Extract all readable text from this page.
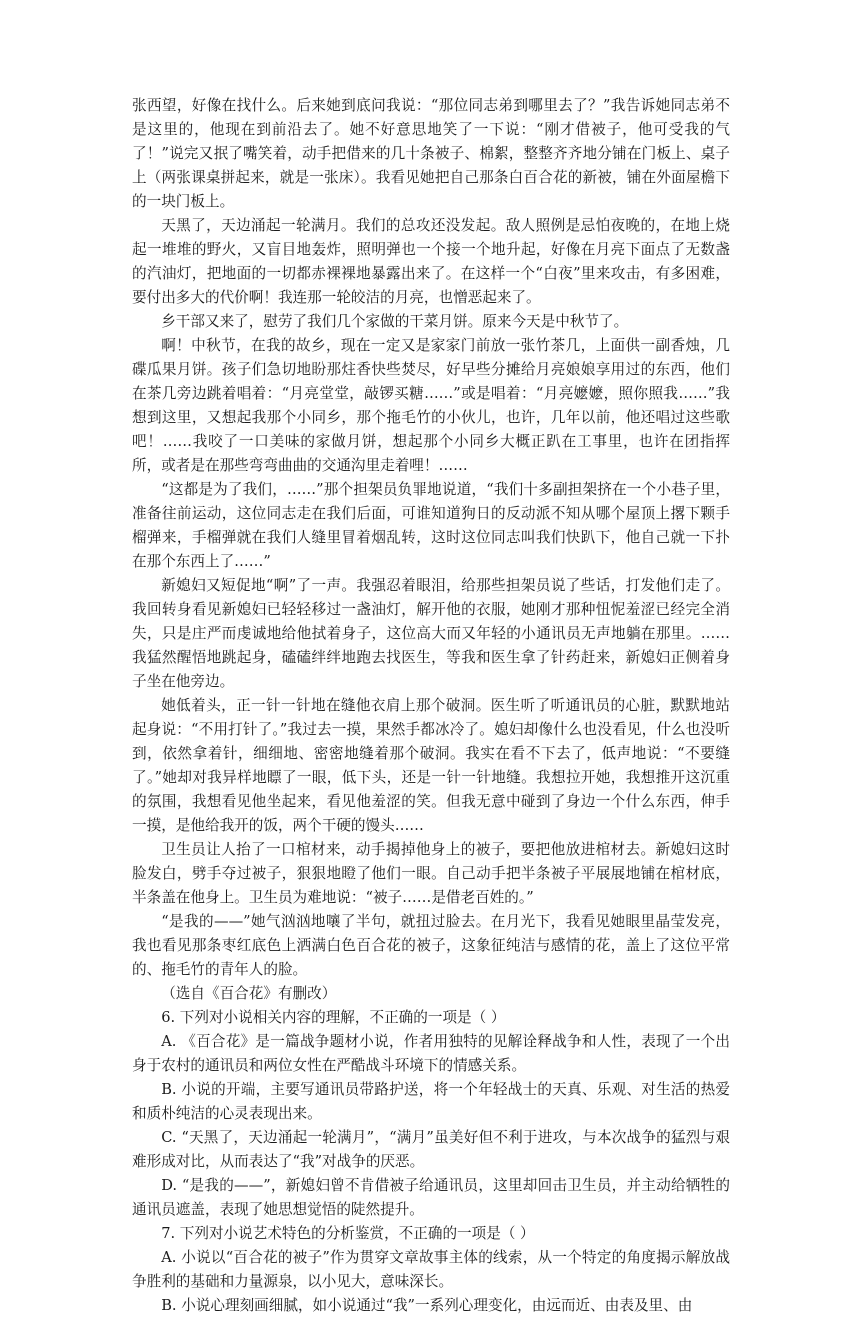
张西望，好像在找什么。后来她到底问我说：“那位同志弟到哪里去了？”我告诉她同志弟不是这里的，他现在到前沿去了。她不好意思地笑了一下说：“刚才借被子，他可受我的气了！”说完又抿了嘴笑着，动手把借来的几十条被子、棉絮，整整齐齐地分铺在门板上、桌子上（两张课桌拼起来，就是一张床）。我看见她把自己那条白百合花的新被，铺在外面屋檐下的一块门板上。

天黑了，天边涌起一轮满月。我们的总攻还没发起。敌人照例是忌怕夜晚的，在地上烧起一堆堆的野火，又盲目地轰炸，照明弹也一个接一个地升起，好像在月亮下面点了无数盏的汽油灯，把地面的一切都赤裸裸地暴露出来了。在这样一个“白夜”里来攻击，有多困难，要付出多大的代价啊！我连那一轮皎洁的月亮，也憎恶起来了。

乡干部又来了，慰劳了我们几个家做的干菜月饼。原来今天是中秋节了。

啊！中秋节，在我的故乡，现在一定又是家家门前放一张竹茶几，上面供一副香烛，几碟瓜果月饼。孩子们急切地盼那炷香快些焚尽，好早些分摊给月亮娘娘享用过的东西，他们在茶几旁边跳着唱着：“月亮堂堂，敲锣买糖……”或是唱着：“月亮嬷嬷，照你照我……”我想到这里，又想起我那个小同乡，那个拖毛竹的小伙儿，也许，几年以前，他还唱过这些歌吧！……我咬了一口美味的家做月饼，想起那个小同乡大概正趴在工事里，也许在团指挥所，或者是在那些弯弯曲曲的交通沟里走着哩！……

“这都是为了我们，……”那个担架员负罪地说道，“我们十多副担架挤在一个小巷子里，准备往前运动，这位同志走在我们后面，可谁知道狗日的反动派不知从哪个屋顶上撂下颗手榴弹来，手榴弹就在我们人缝里冒着烟乱转，这时这位同志叫我们快趴下，他自己就一下扑在那个东西上了……”

新媳妇又短促地“啊”了一声。我强忍着眼泪，给那些担架员说了些话，打发他们走了。我回转身看见新媳妇已轻轻移过一盏油灯，解开他的衣服，她刚才那种忸怩羞涩已经完全消失，只是庄严而虔诚地给他拭着身子，这位高大而又年轻的小通讯员无声地躺在那里。……我猛然醒悟地跳起身，磕磕绊绊地跑去找医生，等我和医生拿了针药赶来，新媳妇正侧着身子坐在他旁边。

她低着头，正一针一针地在缝他衣肩上那个破洞。医生听了听通讯员的心脏，默默地站起身说：“不用打针了。”我过去一摸，果然手都冰冷了。媳妇却像什么也没看见，什么也没听到，依然拿着针，细细地、密密地缝着那个破洞。我实在看不下去了，低声地说：“不要缝了。”她却对我异样地瞟了一眼，低下头，还是一针一针地缝。我想拉开她，我想推开这沉重的氛围，我想看见他坐起来，看见他羞涩的笑。但我无意中碰到了身边一个什么东西，伸手一摸，是他给我开的饭，两个干硬的馒头……

卫生员让人抬了一口棺材来，动手揭掉他身上的被子，要把他放进棺材去。新媳妇这时脸发白，劈手夺过被子，狠狠地瞪了他们一眼。自己动手把半条被子平展展地铺在棺材底，半条盖在他身上。卫生员为难地说：“被子……是借老百姓的。”

“是我的——”她气汹汹地嚷了半句，就扭过脸去。在月光下，我看见她眼里晶莹发亮，我也看见那条枣红底色上洒满白色百合花的被子，这象征纯洁与感情的花，盖上了这位平常的、拖毛竹的青年人的脸。

（选自《百合花》有删改）

6. 下列对小说相关内容的理解，不正确的一项是（ ）

A. 《百合花》是一篇战争题材小说，作者用独特的见解诠释战争和人性，表现了一个出身于农村的通讯员和两位女性在严酷战斗环境下的情感关系。

B. 小说的开端，主要写通讯员带路护送，将一个年轻战士的天真、乐观、对生活的热爱和质朴纯洁的心灵表现出来。

C. “天黑了，天边涌起一轮满月”，“满月”虽美好但不利于进攻，与本次战争的猛烈与艰难形成对比，从而表达了“我”对战争的厌恶。

D. “是我的——”，新媳妇曾不肯借被子给通讯员，这里却回击卫生员，并主动给牺牲的通讯员遮盖，表现了她思想觉悟的陡然提升。

7. 下列对小说艺术特色的分析鉴赏，不正确的一项是（ ）

A. 小说以“百合花的被子”作为贯穿文章故事主体的线索，从一个特定的角度揭示解放战争胜利的基础和力量源泉，以小见大，意味深长。

B. 小说心理刻画细腻，如小说通过“我”一系列心理变化，由远而近、由表及里、由
